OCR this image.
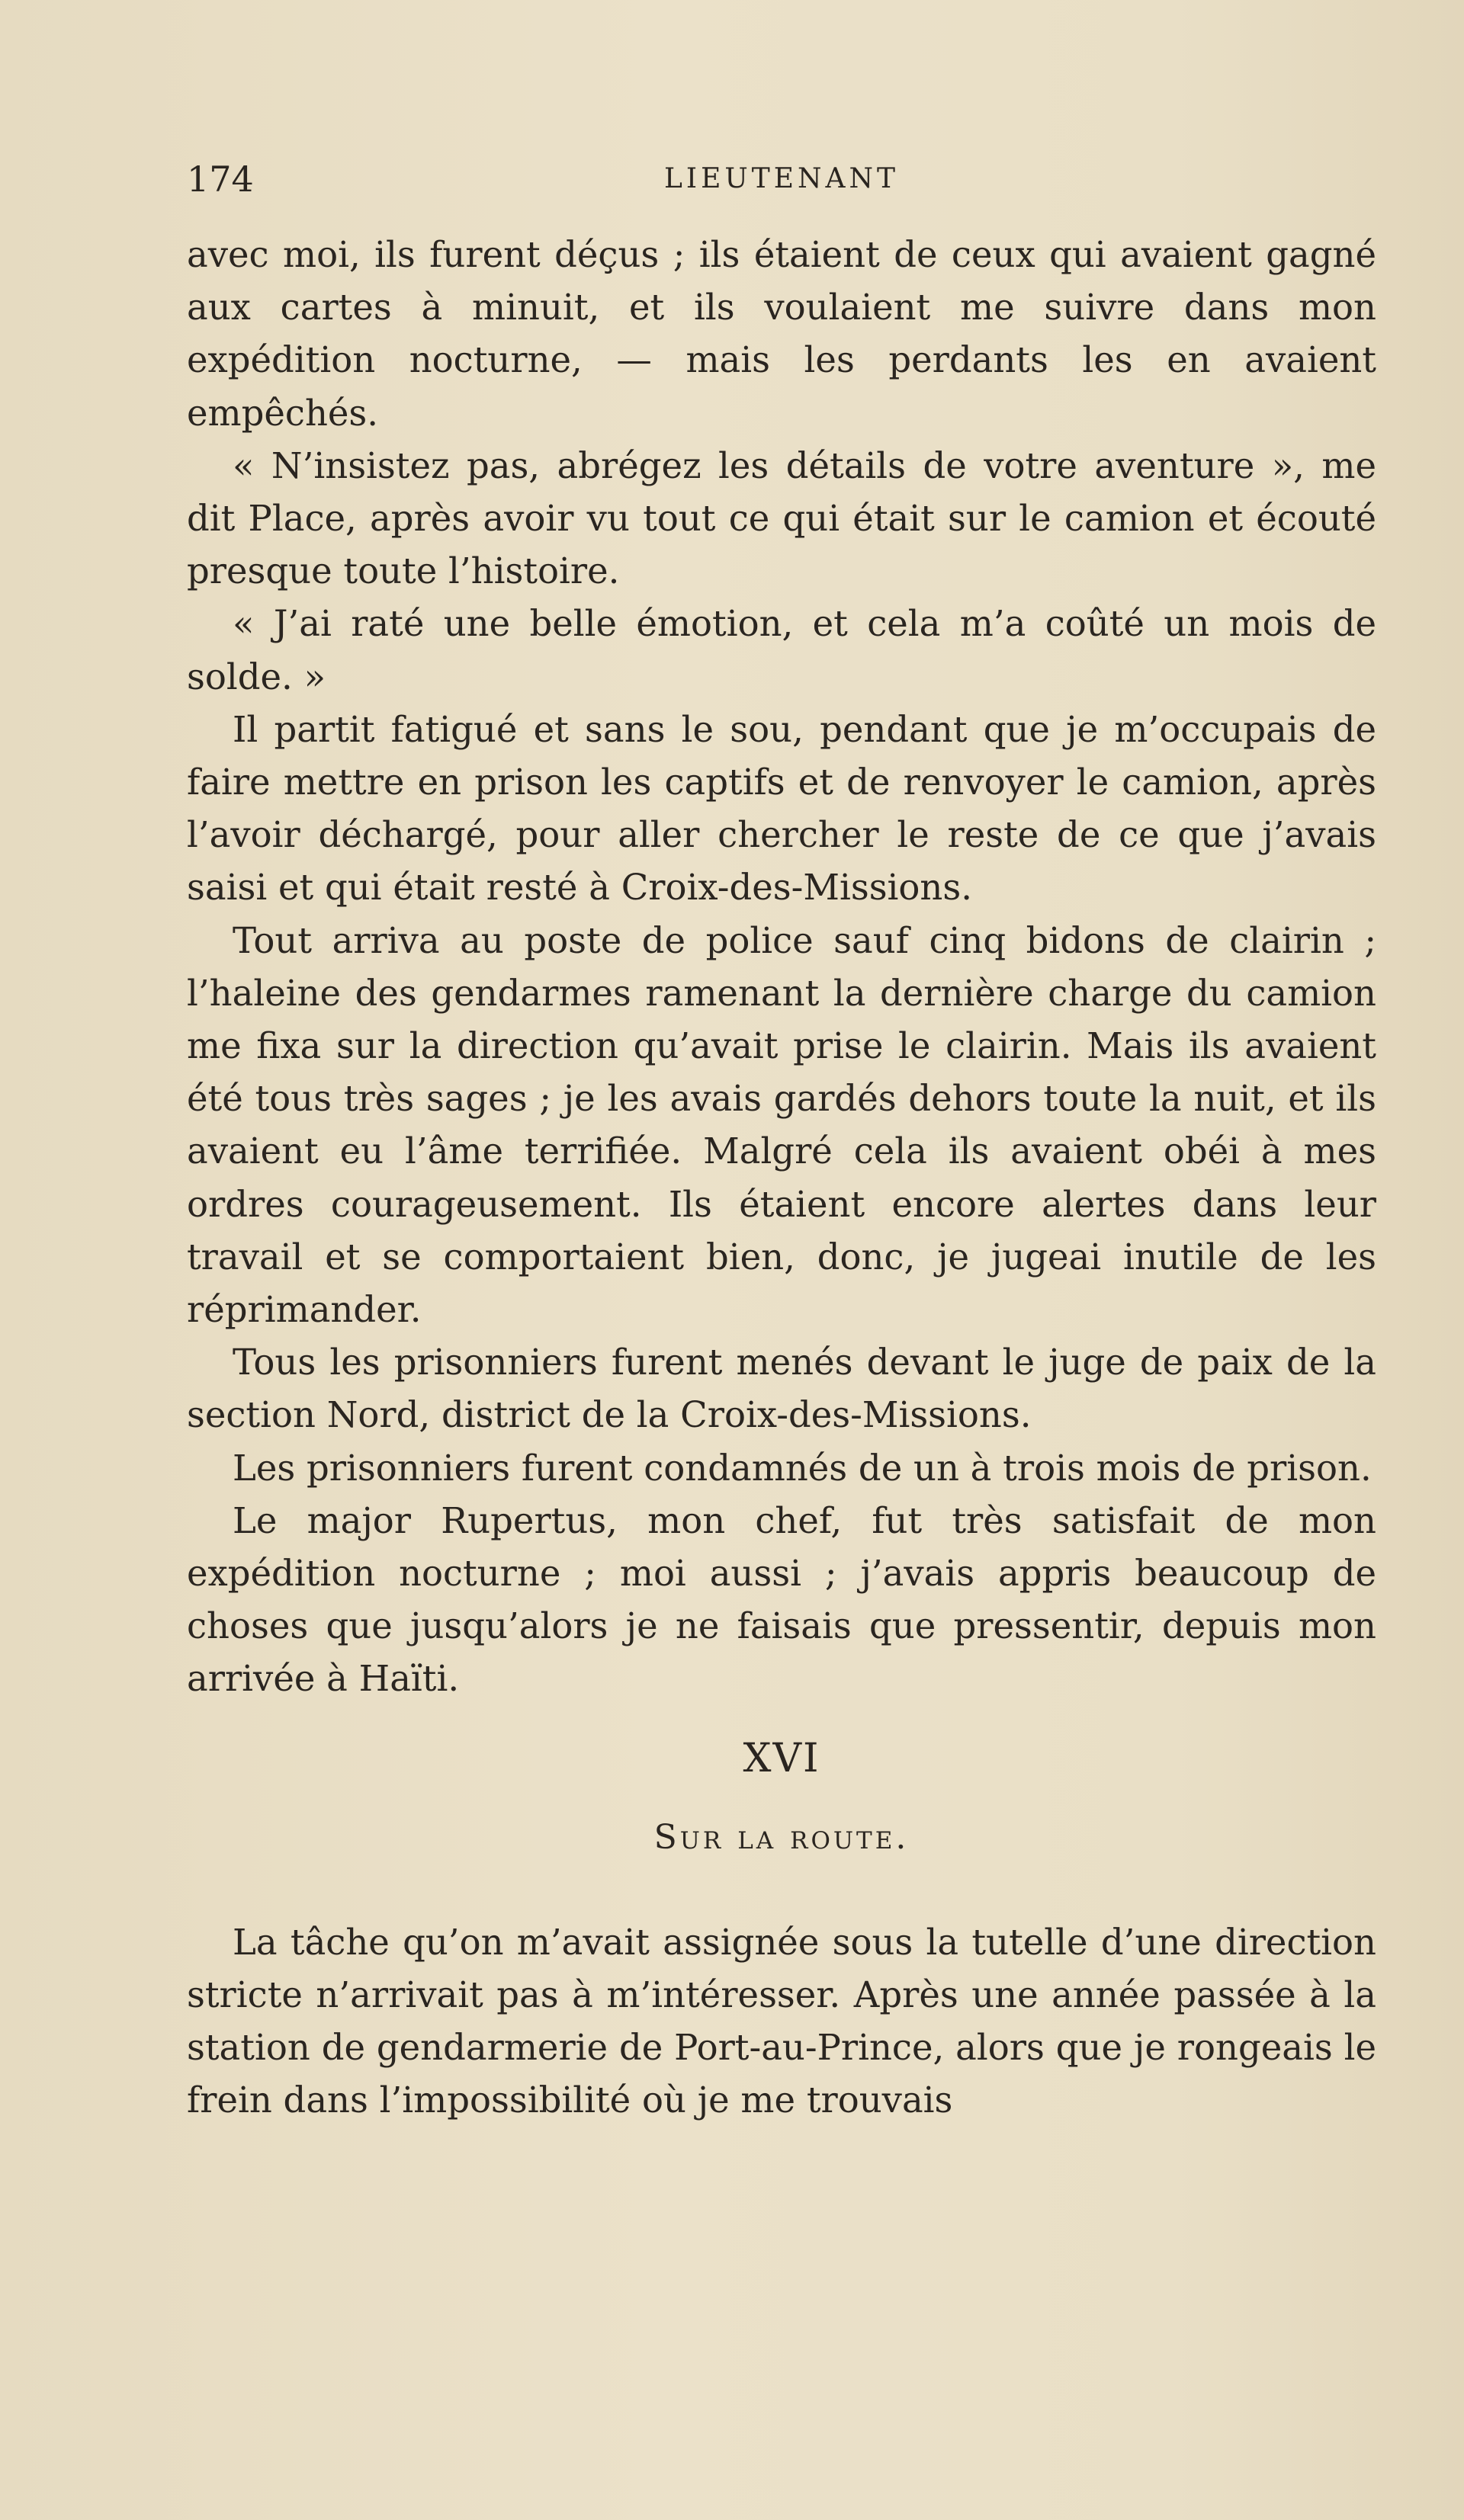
174	LIEUTENANT

avec moi, ils furent déçus ; ils étaient de ceux qui avaient gagné aux cartes à minuit, et ils voulaient me suivre dans mon expédition nocturne, — mais les perdants les en avaient empêchés.

« N’insistez pas, abrégez les détails de votre aventure », me dit Place, après avoir vu tout ce qui était sur le camion et écouté presque toute l’histoire.

« J’ai raté une belle émotion, et cela m’a coûté un mois de solde. »

Il partit fatigué et sans le sou, pendant que je m’occupais de faire mettre en prison les captifs et de renvoyer le camion, après l’avoir déchargé, pour aller chercher le reste de ce que j’avais saisi et qui était resté à Croix-des-Missions.

Tout arriva au poste de police sauf cinq bidons de clairin ; l’haleine des gendarmes ramenant la dernière charge du camion me fixa sur la direction qu’avait prise le clairin. Mais ils avaient été tous très sages ; je les avais gardés dehors toute la nuit, et ils avaient eu l’âme terrifiée. Malgré cela ils avaient obéi à mes ordres courageusement. Ils étaient encore alertes dans leur travail et se comportaient bien, donc, je jugeai inutile de les réprimander.

Tous les prisonniers furent menés devant le juge de paix de la section Nord, district de la Croix-des-Missions.

Les prisonniers furent condamnés de un à trois mois de prison.

Le major Rupertus, mon chef, fut très satisfait de mon expédition nocturne ; moi aussi ; j’avais appris beaucoup de choses que jusqu’alors je ne faisais que pressentir, depuis mon arrivée à Haïti.

XVI
Sur la route.

La tâche qu’on m’avait assignée sous la tutelle d’une direction stricte n’arrivait pas à m’intéresser. Après une année passée à la station de gendarmerie de Port-au-Prince, alors que je rongeais le frein dans l’impossibilité où je me trouvais
